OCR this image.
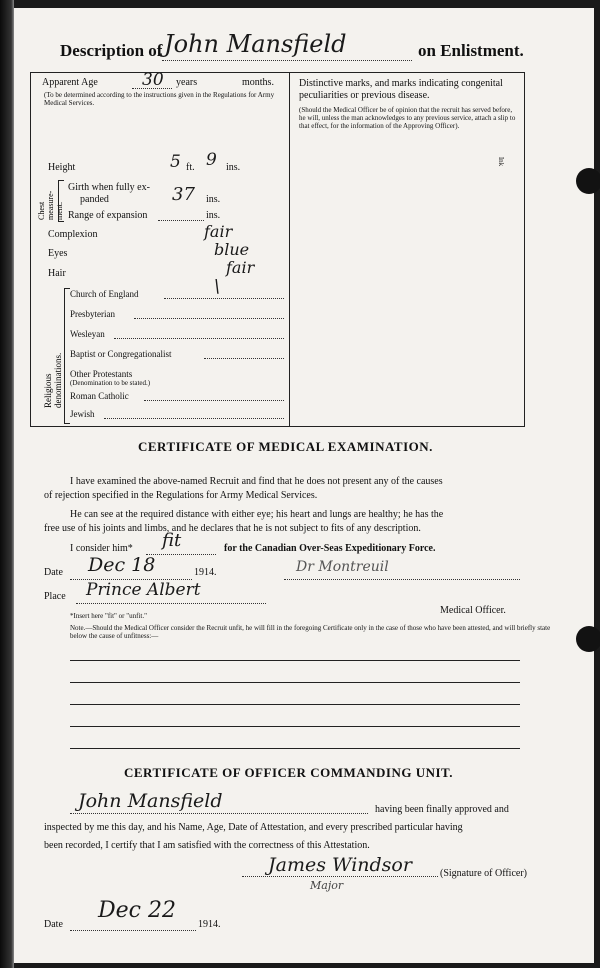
Description of John Mansfield	on Enlistment.
Apparent Age	30 years	months.
(To be determined according to the instructions given in the Regulations for Army Medical Services.
Distinctive marks, and marks indicating congenital peculiarities or previous disease.
(Should the Medical Officer be of opinion that the recruit has served before, he will, unless the man acknowledges to any previous service, attach a slip to that effect, for the information of the Approving Officer).
Ink
Height	5 ft. 9 ins.
Chest measure- ment.
Girth when fully ex-
panded	37 ins.
Range of expansion	ins.
Complexion	fair
Eyes	blue
Hair	fair
\
Religious denominations.
Church of England
Presbyterian
Wesleyan
Baptist or Congregationalist
Other Protestants
(Denomination to be stated.)
Roman Catholic
Jewish
CERTIFICATE OF MEDICAL EXAMINATION.
I have examined the above-named Recruit and find that he does not present any of the causes
of rejection specified in the Regulations for Army Medical Services.
He can see at the required distance with either eye; his heart and lungs are healthy; he has the
free use of his joints and limbs, and he declares that he is not subject to fits of any description.
I consider him* fit	for the Canadian Over-Seas Expeditionary Force.
Date Dec 18	1914.	Dr Montreuil
Place Prince Albert
Medical Officer.
*Insert here "fit" or "unfit."
Note.—Should the Medical Officer consider the Recruit unfit, he will fill in the foregoing Certificate only in the case of those who have been attested, and will briefly state below the cause of unfitness:—
CERTIFICATE OF OFFICER COMMANDING UNIT.
John Mansfield	having been finally approved and
inspected by me this day, and his Name, Age, Date of Attestation, and every prescribed particular having
been recorded, I certify that I am satisfied with the correctness of this Attestation.
James Windsor
Major
(Signature of Officer)
Date
Dec 22
1914.
